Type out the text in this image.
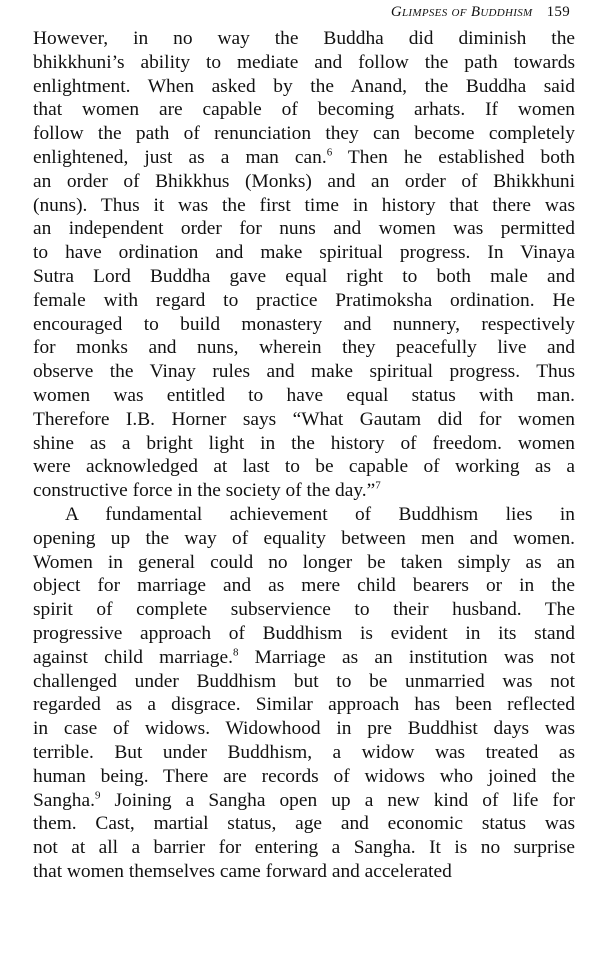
Glimpses of Buddhism 159
However, in no way the Buddha did diminish the
bhikkhuni’s ability to mediate and follow the path towards
enlightment. When asked by the Anand, the Buddha said
that women are capable of becoming arhats. If women
follow the path of renunciation they can become completely
enlightened, just as a man can.$^6$ Then he established both
an order of Bhikkhus (Monks) and an order of Bhikkhuni
(nuns). Thus it was the first time in history that there was
an independent order for nuns and women was permitted
to have ordination and make spiritual progress. In Vinaya
Sutra Lord Buddha gave equal right to both male and
female with regard to practice Pratimoksha ordination. He
encouraged to build monastery and nunnery, respectively
for monks and nuns, wherein they peacefully live and
observe the Vinay rules and make spiritual progress. Thus
women was entitled to have equal status with man.
Therefore I.B. Horner says “What Gautam did for women
shine as a bright light in the history of freedom. women
were acknowledged at last to be capable of working as a
constructive force in the society of the day.”$^7$
A fundamental achievement of Buddhism lies in
opening up the way of equality between men and women.
Women in general could no longer be taken simply as an
object for marriage and as mere child bearers or in the
spirit of complete subservience to their husband. The
progressive approach of Buddhism is evident in its stand
against child marriage.$^8$ Marriage as an institution was not
challenged under Buddhism but to be unmarried was not
regarded as a disgrace. Similar approach has been reflected
in case of widows. Widowhood in pre Buddhist days was
terrible. But under Buddhism, a widow was treated as
human being. There are records of widows who joined the
Sangha.$^9$ Joining a Sangha open up a new kind of life for
them. Cast, martial status, age and economic status was
not at all a barrier for entering a Sangha. It is no surprise
that women themselves came forward and accelerated
